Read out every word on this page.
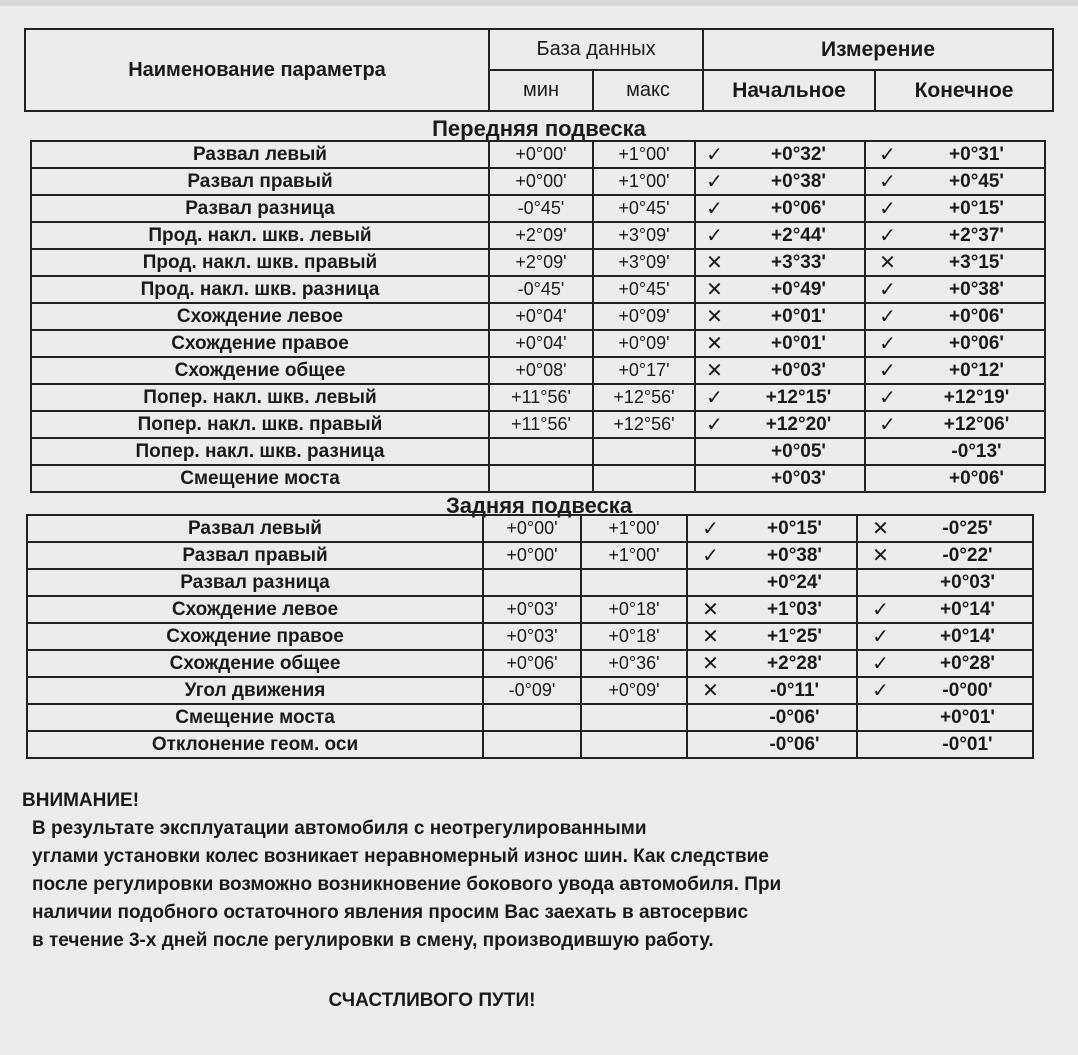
Наименование параметра	База данных		Измерение	
	мин	макс	Начальное	Конечное
Передняя подвеска
Развал левый	+0°00'	+1°00'	✓	+0°32'	✓	+0°31'
Развал правый	+0°00'	+1°00'	✓	+0°38'	✓	+0°45'
Развал разница	-0°45'	+0°45'	✓	+0°06'	✓	+0°15'
Прод. накл. шкв. левый	+2°09'	+3°09'	✓	+2°44'	✓	+2°37'
Прод. накл. шкв. правый	+2°09'	+3°09'	✕	+3°33'	✕	+3°15'
Прод. накл. шкв. разница	-0°45'	+0°45'	✕	+0°49'	✓	+0°38'
Схождение левое	+0°04'	+0°09'	✕	+0°01'	✓	+0°06'
Схождение правое	+0°04'	+0°09'	✕	+0°01'	✓	+0°06'
Схождение общее	+0°08'	+0°17'	✕	+0°03'	✓	+0°12'
Попер. накл. шкв. левый	+11°56'	+12°56'	✓	+12°15'	✓	+12°19'
Попер. накл. шкв. правый	+11°56'	+12°56'	✓	+12°20'	✓	+12°06'
Попер. накл. шкв. разница				+0°05'		-0°13'
Смещение моста				+0°03'		+0°06'
Задняя подвеска
Развал левый	+0°00'	+1°00'	✓	+0°15'	✕	-0°25'
Развал правый	+0°00'	+1°00'	✓	+0°38'	✕	-0°22'
Развал разница				+0°24'		+0°03'
Схождение левое	+0°03'	+0°18'	✕	+1°03'	✓	+0°14'
Схождение правое	+0°03'	+0°18'	✕	+1°25'	✓	+0°14'
Схождение общее	+0°06'	+0°36'	✕	+2°28'	✓	+0°28'
Угол движения	-0°09'	+0°09'	✕	-0°11'	✓	-0°00'
Смещение моста				-0°06'		+0°01'
Отклонение геом. оси				-0°06'		-0°01'
ВНИМАНИЕ!

В результате эксплуатации автомобиля с неотрегулированными

углами установки колес возникает неравномерный износ шин. Как следствие

после регулировки возможно возникновение бокового увода автомобиля. При

наличии подобного остаточного явления просим Вас заехать в автосервис

в течение 3-х дней после регулировки в смену, производившую работу.

СЧАСТЛИВОГО ПУТИ!
